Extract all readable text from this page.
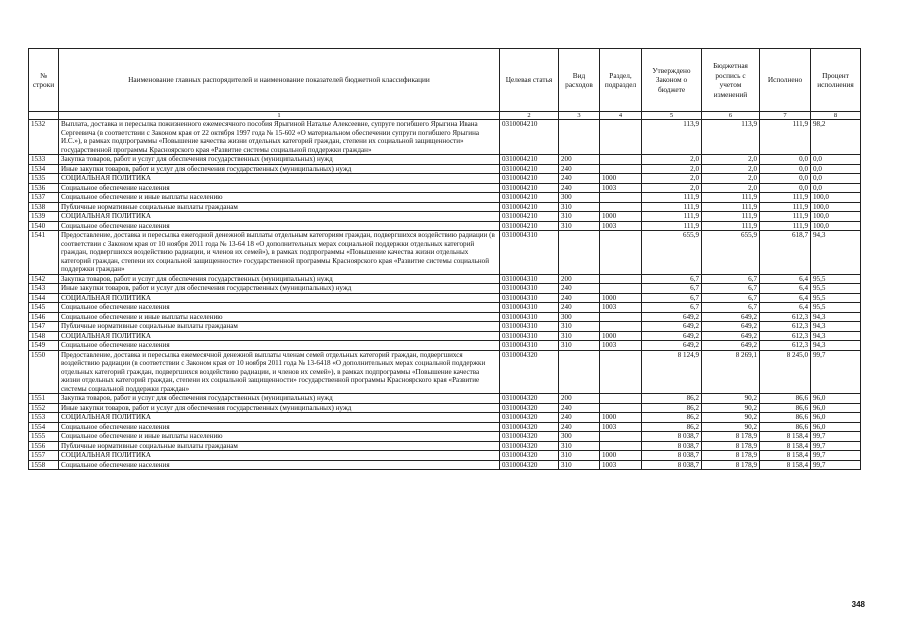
№ строки	Наименование главных распорядителей и наименование показателей бюджетной классификации	Целевая статья	Вид расходов	Раздел, подраздел	Утверждено Законом о бюджете	Бюджетная роспись с учетом изменений	Исполнено	Процент исполнения
	1	2	3	4	5	6	7	8
1532	Выплата, доставка и пересылка пожизненного ежемесячного пособия Ярыгиной Наталье Алексеевне, супруге погибшего Ярыгина Ивана Сергеевича (в соответствии с Законом края от 22 октября 1997 года № 15-602 «О материальном обеспечении супруги погибшего Ярыгина И.С.»), в рамках подпрограммы «Повышение качества жизни отдельных категорий граждан, степени их социальной защищенности» государственной программы Красноярского края «Развитие системы социальной поддержки граждан»	0310004210			113,9	113,9	111,9	98,2
1533	Закупка товаров, работ и услуг для обеспечения государственных (муниципальных) нужд	0310004210	200		2,0	2,0	0,0	0,0
1534	Иные закупки товаров, работ и услуг для обеспечения государственных (муниципальных) нужд	0310004210	240		2,0	2,0	0,0	0,0
1535	СОЦИАЛЬНАЯ ПОЛИТИКА	0310004210	240	1000	2,0	2,0	0,0	0,0
1536	Социальное обеспечение населения	0310004210	240	1003	2,0	2,0	0,0	0,0
1537	Социальное обеспечение и иные выплаты населению	0310004210	300		111,9	111,9	111,9	100,0
1538	Публичные нормативные социальные выплаты гражданам	0310004210	310		111,9	111,9	111,9	100,0
1539	СОЦИАЛЬНАЯ ПОЛИТИКА	0310004210	310	1000	111,9	111,9	111,9	100,0
1540	Социальное обеспечение населения	0310004210	310	1003	111,9	111,9	111,9	100,0
1541	Предоставление, доставка и пересылка ежегодной денежной выплаты отдельным категориям граждан, подвергшихся воздействию радиации (в соответствии с Законом края от 10 ноября 2011 года № 13-64 18 «О дополнительных мерах социальной поддержки отдельных категорий граждан, подвергшихся воздействию радиации, и членов их семей»), в рамках подпрограммы «Повышение качества жизни отдельных категорий граждан, степени их социальной защищенности» государственной программы Красноярского края «Развитие системы социальной поддержки граждан»	0310004310			655,9	655,9	618,7	94,3
1542	Закупка товаров, работ и услуг для обеспечения государственных (муниципальных) нужд	0310004310	200		6,7	6,7	6,4	95,5
1543	Иные закупки товаров, работ и услуг для обеспечения государственных (муниципальных) нужд	0310004310	240		6,7	6,7	6,4	95,5
1544	СОЦИАЛЬНАЯ ПОЛИТИКА	0310004310	240	1000	6,7	6,7	6,4	95,5
1545	Социальное обеспечение населения	0310004310	240	1003	6,7	6,7	6,4	95,5
1546	Социальное обеспечение и иные выплаты населению	0310004310	300		649,2	649,2	612,3	94,3
1547	Публичные нормативные социальные выплаты гражданам	0310004310	310		649,2	649,2	612,3	94,3
1548	СОЦИАЛЬНАЯ ПОЛИТИКА	0310004310	310	1000	649,2	649,2	612,3	94,3
1549	Социальное обеспечение населения	0310004310	310	1003	649,2	649,2	612,3	94,3
1550	Предоставление, доставка и пересылка ежемесячной денежной выплаты членам семей отдельных категорий граждан, подвергшихся воздействию радиации (в соответствии с Законом края от 10 ноября 2011 года № 13-6418 «О дополнительных мерах социальной поддержки отдельных категорий граждан, подвергшихся воздействию радиации, и членов их семей»), в рамках подпрограммы «Повышение качества жизни отдельных категорий граждан, степени их социальной защищенности» государственной программы Красноярского края «Развитие системы социальной поддержки граждан»	0310004320			8 124,9	8 269,1	8 245,0	99,7
1551	Закупка товаров, работ и услуг для обеспечения государственных (муниципальных) нужд	0310004320	200		86,2	90,2	86,6	96,0
1552	Иные закупки товаров, работ и услуг для обеспечения государственных (муниципальных) нужд	0310004320	240		86,2	90,2	86,6	96,0
1553	СОЦИАЛЬНАЯ ПОЛИТИКА	0310004320	240	1000	86,2	90,2	86,6	96,0
1554	Социальное обеспечение населения	0310004320	240	1003	86,2	90,2	86,6	96,0
1555	Социальное обеспечение и иные выплаты населению	0310004320	300		8 038,7	8 178,9	8 158,4	99,7
1556	Публичные нормативные социальные выплаты гражданам	0310004320	310		8 038,7	8 178,9	8 158,4	99,7
1557	СОЦИАЛЬНАЯ ПОЛИТИКА	0310004320	310	1000	8 038,7	8 178,9	8 158,4	99,7
1558	Социальное обеспечение населения	0310004320	310	1003	8 038,7	8 178,9	8 158,4	99,7
348
